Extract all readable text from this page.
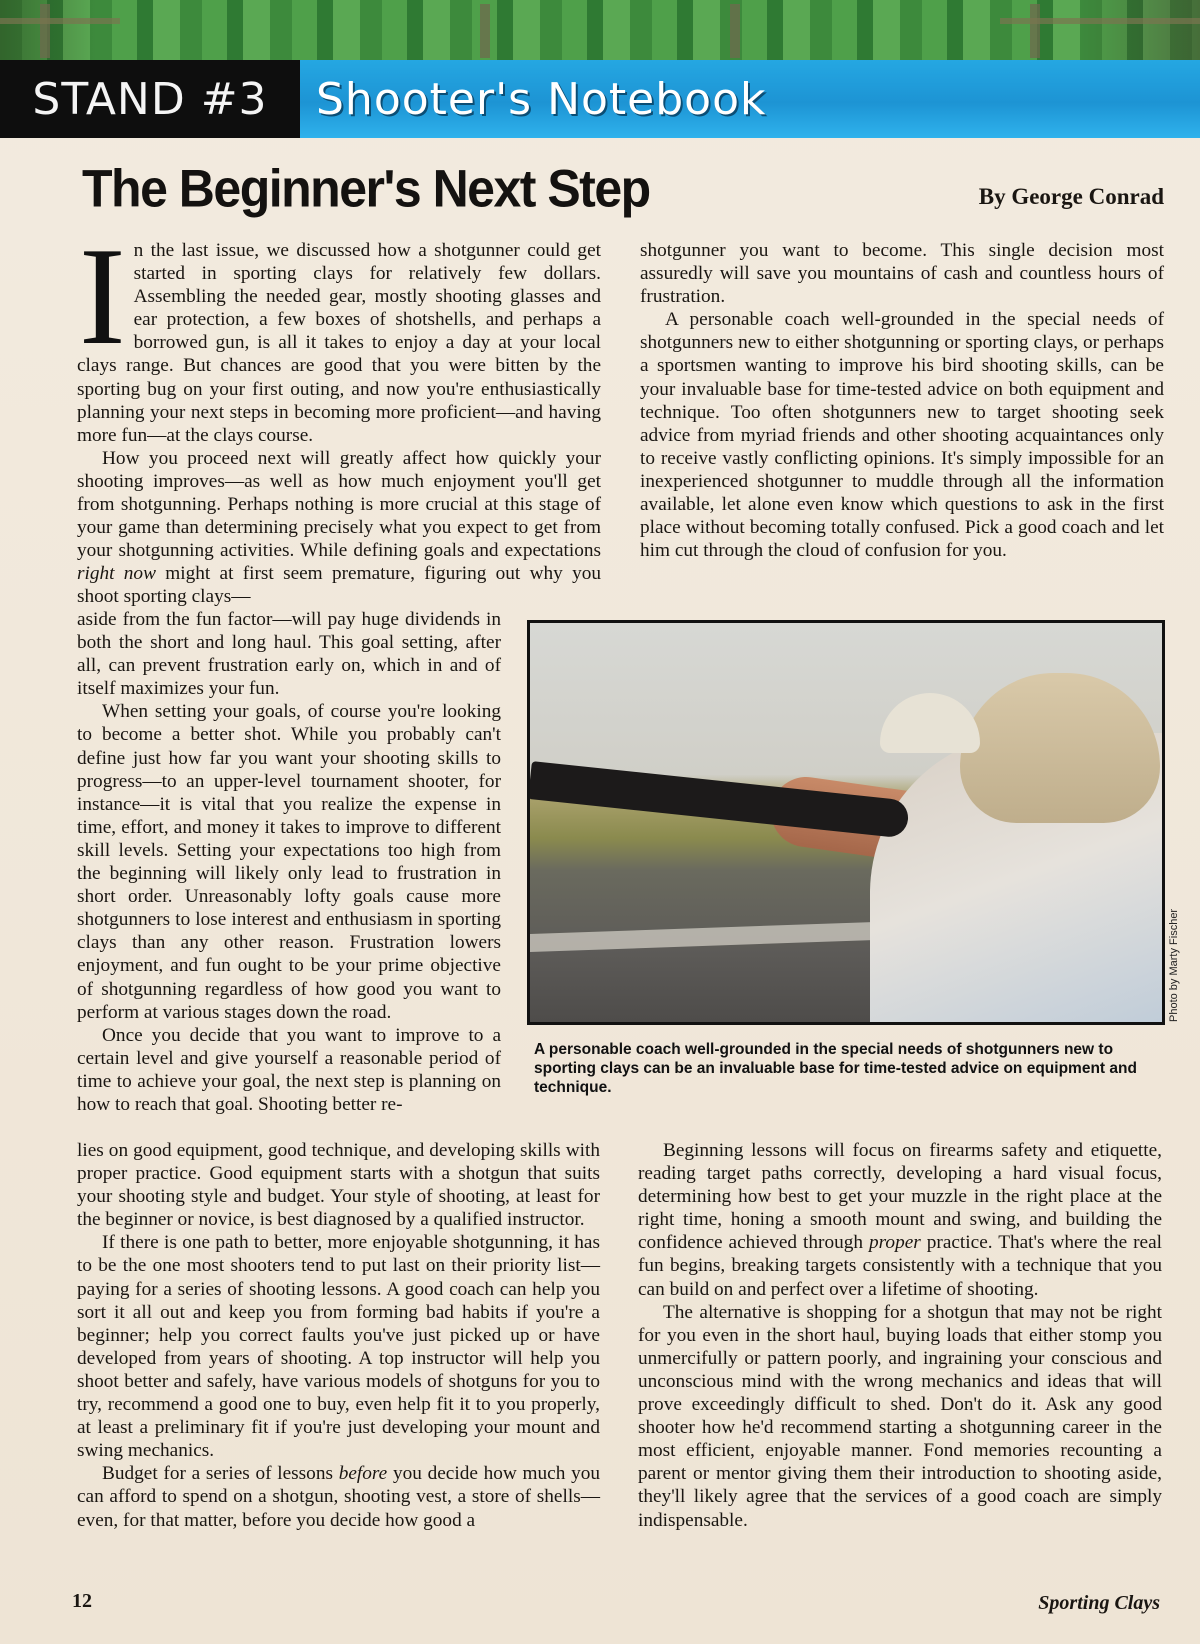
STAND #3 Shooter's Notebook
The Beginner's Next Step	By George Conrad

In the last issue, we discussed how a shotgunner could get started in sporting clays for relatively few dollars. Assembling the needed gear, mostly shooting glasses and ear protection, a few boxes of shotshells, and perhaps a borrowed gun, is all it takes to enjoy a day at your local clays range. But chances are good that you were bitten by the sporting bug on your first outing, and now you're enthusiastically planning your next steps in becoming more proficient—and having more fun—at the clays course.

How you proceed next will greatly affect how quickly your shooting improves—as well as how much enjoyment you'll get from shotgunning. Perhaps nothing is more crucial at this stage of your game than determining precisely what you expect to get from your shotgunning activities. While defining goals and expectations right now might at first seem premature, figuring out why you shoot sporting clays—

aside from the fun factor—will pay huge dividends in both the short and long haul. This goal setting, after all, can prevent frustration early on, which in and of itself maximizes your fun.

When setting your goals, of course you're looking to become a better shot. While you probably can't define just how far you want your shooting skills to progress—to an upper-level tournament shooter, for instance—it is vital that you realize the expense in time, effort, and money it takes to improve to different skill levels. Setting your expectations too high from the beginning will likely only lead to frustration in short order. Unreasonably lofty goals cause more shotgunners to lose interest and enthusiasm in sporting clays than any other reason. Frustration lowers enjoyment, and fun ought to be your prime objective of shotgunning regardless of how good you want to perform at various stages down the road.

Once you decide that you want to improve to a certain level and give yourself a reasonable period of time to achieve your goal, the next step is planning on how to reach that goal. Shooting better re-

lies on good equipment, good technique, and developing skills with proper practice. Good equipment starts with a shotgun that suits your shooting style and budget. Your style of shooting, at least for the beginner or novice, is best diagnosed by a qualified instructor.

If there is one path to better, more enjoyable shotgunning, it has to be the one most shooters tend to put last on their priority list—paying for a series of shooting lessons. A good coach can help you sort it all out and keep you from forming bad habits if you're a beginner; help you correct faults you've just picked up or have developed from years of shooting. A top instructor will help you shoot better and safely, have various models of shotguns for you to try, recommend a good one to buy, even help fit it to you properly, at least a preliminary fit if you're just developing your mount and swing mechanics.

Budget for a series of lessons before you decide how much you can afford to spend on a shotgun, shooting vest, a store of shells—even, for that matter, before you decide how good a

shotgunner you want to become. This single decision most assuredly will save you mountains of cash and countless hours of frustration.

A personable coach well-grounded in the special needs of shotgunners new to either shotgunning or sporting clays, or perhaps a sportsmen wanting to improve his bird shooting skills, can be your invaluable base for time-tested advice on both equipment and technique. Too often shotgunners new to target shooting seek advice from myriad friends and other shooting acquaintances only to receive vastly conflicting opinions. It's simply impossible for an inexperienced shotgunner to muddle through all the information available, let alone even know which questions to ask in the first place without becoming totally confused. Pick a good coach and let him cut through the cloud of confusion for you.

Photo by Marty Fischer
A personable coach well-grounded in the special needs of shotgunners new to sporting clays can be an invaluable base for time-tested advice on equipment and technique.

Beginning lessons will focus on firearms safety and etiquette, reading target paths correctly, developing a hard visual focus, determining how best to get your muzzle in the right place at the right time, honing a smooth mount and swing, and building the confidence achieved through proper practice. That's where the real fun begins, breaking targets consistently with a technique that you can build on and perfect over a lifetime of shooting.

The alternative is shopping for a shotgun that may not be right for you even in the short haul, buying loads that either stomp you unmercifully or pattern poorly, and ingraining your conscious and unconscious mind with the wrong mechanics and ideas that will prove exceedingly difficult to shed. Don't do it. Ask any good shooter how he'd recommend starting a shotgunning career in the most efficient, enjoyable manner. Fond memories recounting a parent or mentor giving them their introduction to shooting aside, they'll likely agree that the services of a good coach are simply indispensable.

12	Sporting Clays
